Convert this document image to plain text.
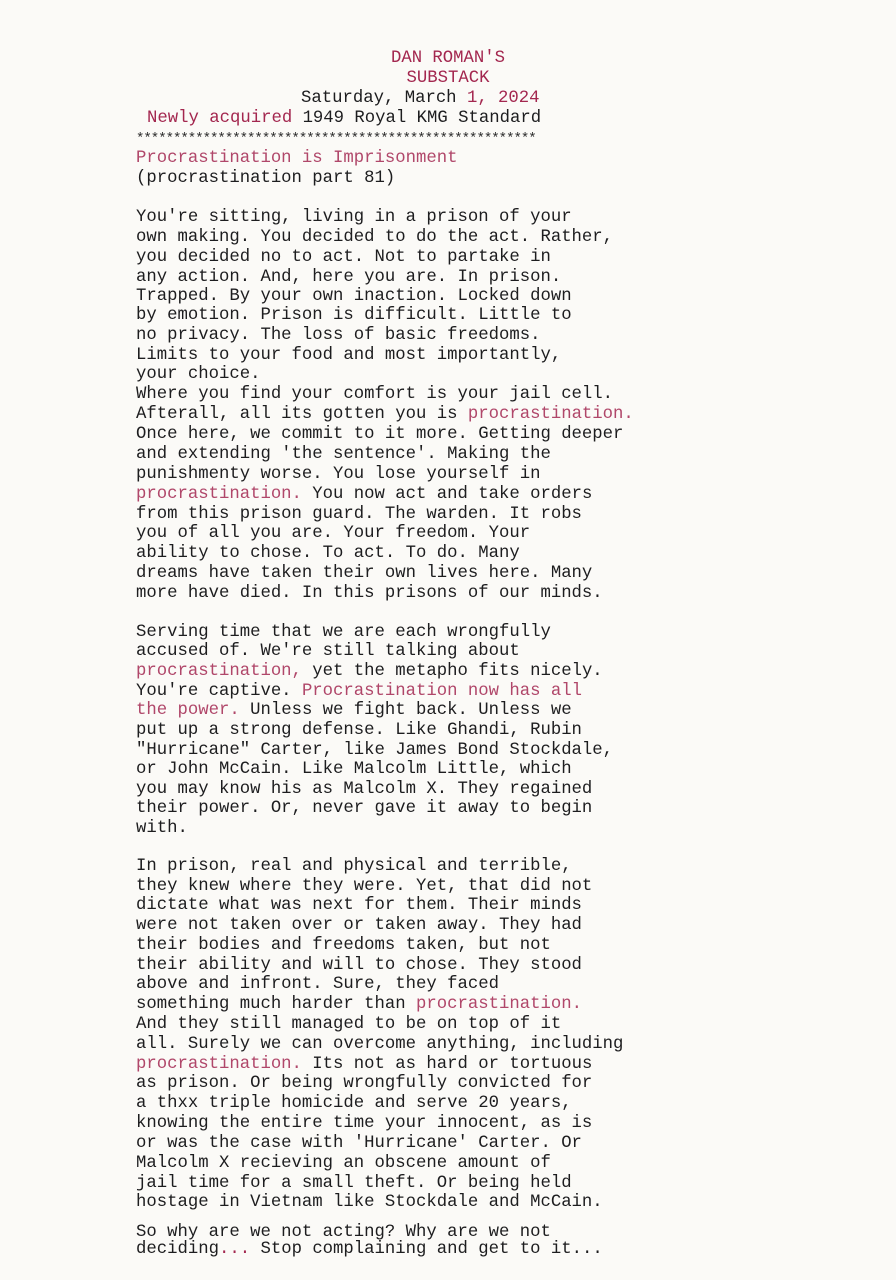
DAN ROMAN'S
SUBSTACK
Saturday, March 1, 2024
Newly acquired 1949 Royal KMG Standard
******************************************************
Procrastination is Imprisonment
(procrastination part 81)
You're sitting, living in a prison of your
own making. You decided to do the act. Rather,
you decided no to act. Not to partake in
any action. And, here you are. In prison.
Trapped. By your own inaction. Locked down
by emotion. Prison is difficult. Little to
no privacy. The loss of basic freedoms.
Limits to your food and most importantly,
your choice.
Where you find your comfort is your jail cell.
Afterall, all its gotten you is procrastination.
Once here, we commit to it more. Getting deeper
and extending 'the sentence'. Making the
punishmenty worse. You lose yourself in
procrastination. You now act and take orders
from this prison guard. The warden. It robs
you of all you are. Your freedom. Your
ability to chose. To act. To do. Many
dreams have taken their own lives here. Many
more have died. In this prisons of our minds.
Serving time that we are each wrongfully
accused of. We're still talking about
procrastination, yet the metapho fits nicely.
You're captive. Procrastination now has all
the power. Unless we fight back. Unless we
put up a strong defense. Like Ghandi, Rubin
"Hurricane" Carter, like James Bond Stockdale,
or John McCain. Like Malcolm Little, which
you may know his as Malcolm X. They regained
their power. Or, never gave it away to begin
with.
In prison, real and physical and terrible,
they knew where they were. Yet, that did not
dictate what was next for them. Their minds
were not taken over or taken away. They had
their bodies and freedoms taken, but not
their ability and will to chose. They stood
above and infront. Sure, they faced
something much harder than procrastination.
And they still managed to be on top of it
all. Surely we can overcome anything, including
procrastination. Its not as hard or tortuous
as prison. Or being wrongfully convicted for
a thxx triple homicide and serve 20 years,
knowing the entire time your innocent, as is
or was the case with 'Hurricane' Carter. Or
Malcolm X recieving an obscene amount of
jail time for a small theft. Or being held
hostage in Vietnam like Stockdale and McCain.
So why are we not acting? Why are we not
deciding... Stop complaining and get to it...
